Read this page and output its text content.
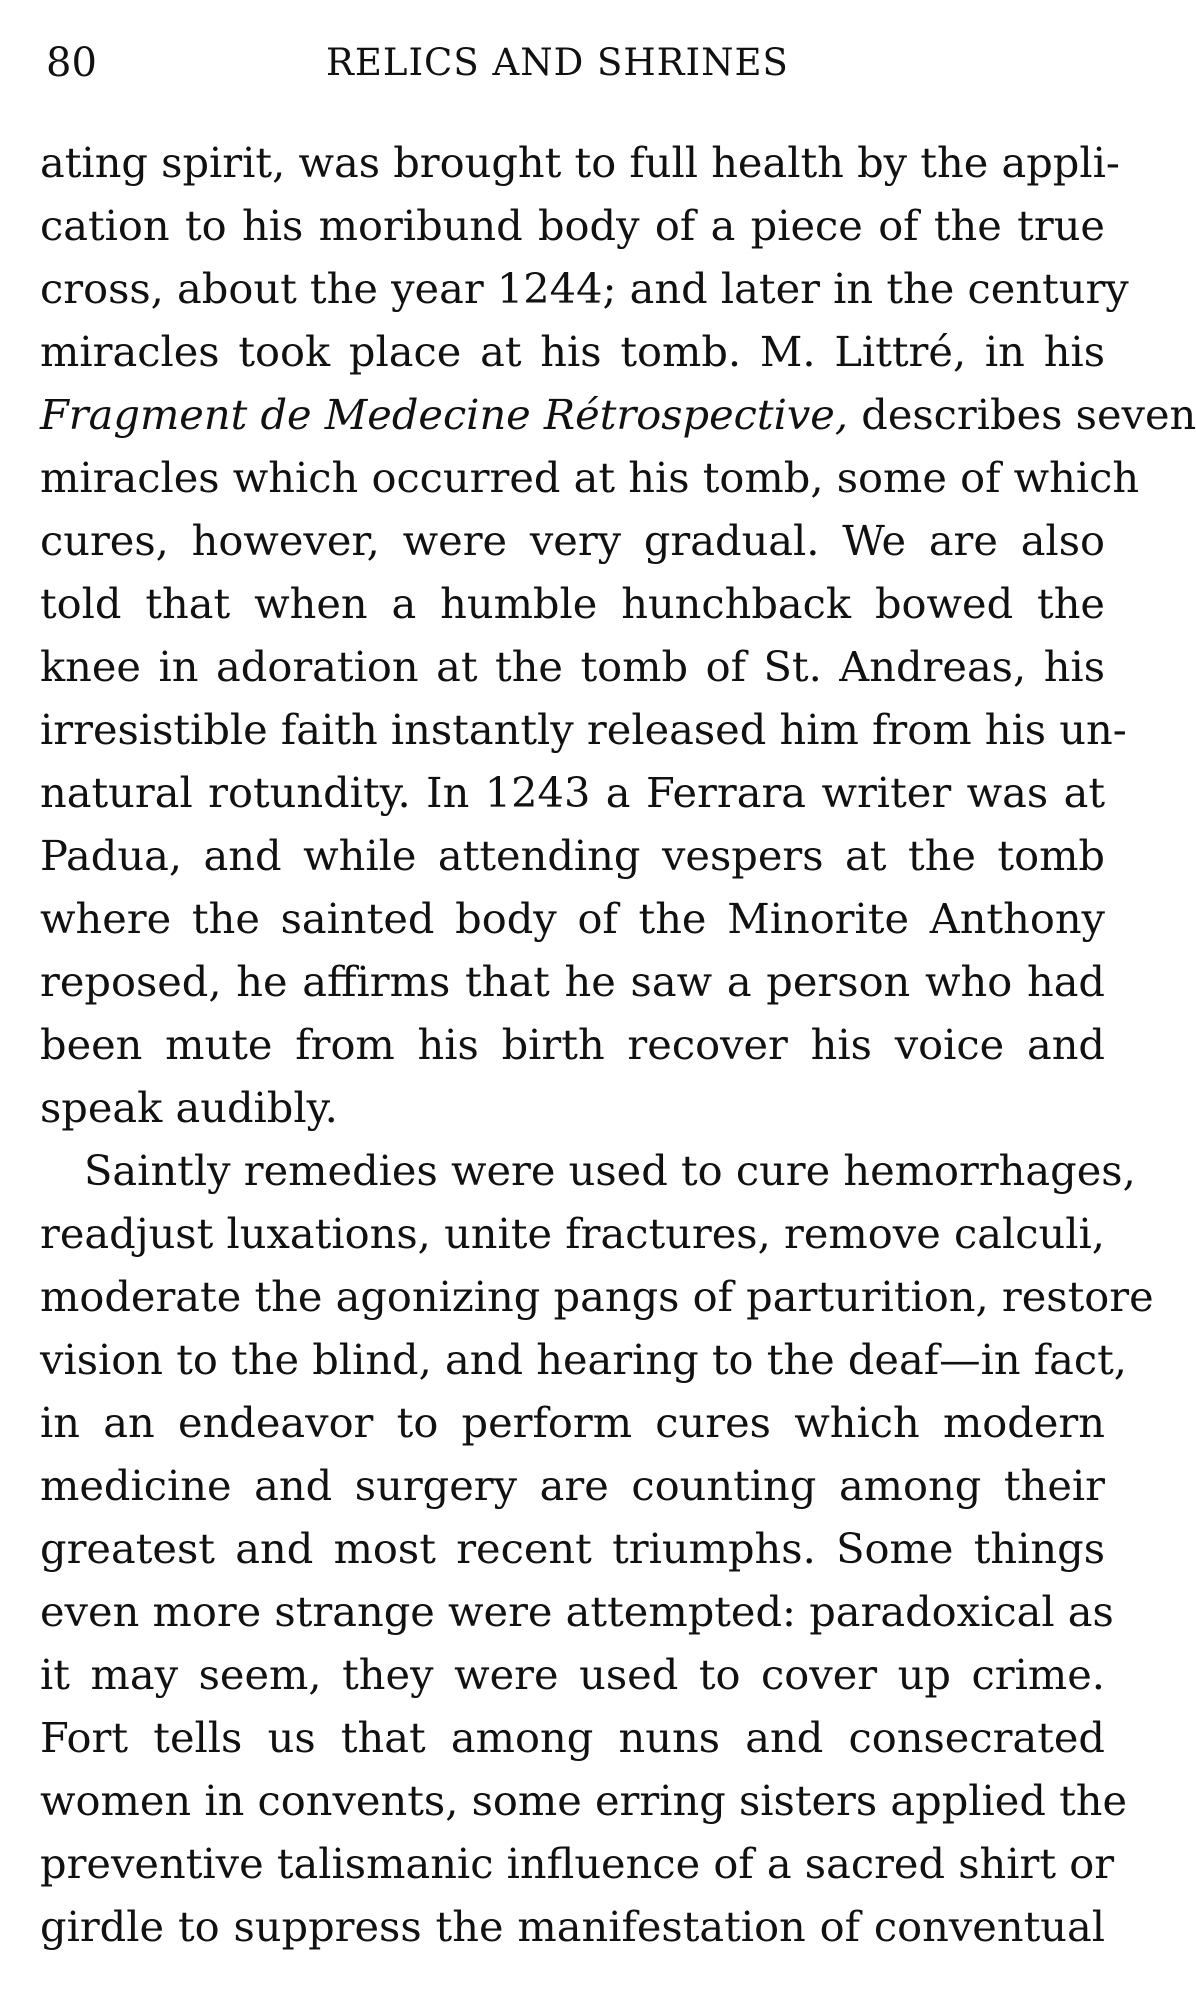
80	RELICS AND SHRINES
ating spirit, was brought to full health by the appli-
cation to his moribund body of a piece of the true
cross, about the year 1244; and later in the century
miracles took place at his tomb. M. Littré, in his
Fragment de Medecine Rétrospective, describes seven
miracles which occurred at his tomb, some of which
cures, however, were very gradual. We are also
told that when a humble hunchback bowed the
knee in adoration at the tomb of St. Andreas, his
irresistible faith instantly released him from his un-
natural rotundity. In 1243 a Ferrara writer was at
Padua, and while attending vespers at the tomb
where the sainted body of the Minorite Anthony
reposed, he affirms that he saw a person who had
been mute from his birth recover his voice and
speak audibly.
Saintly remedies were used to cure hemorrhages,
readjust luxations, unite fractures, remove calculi,
moderate the agonizing pangs of parturition, restore
vision to the blind, and hearing to the deaf—in fact,
in an endeavor to perform cures which modern
medicine and surgery are counting among their
greatest and most recent triumphs. Some things
even more strange were attempted: paradoxical as
it may seem, they were used to cover up crime.
Fort tells us that among nuns and consecrated
women in convents, some erring sisters applied the
preventive talismanic influence of a sacred shirt or
girdle to suppress the manifestation of conventual
